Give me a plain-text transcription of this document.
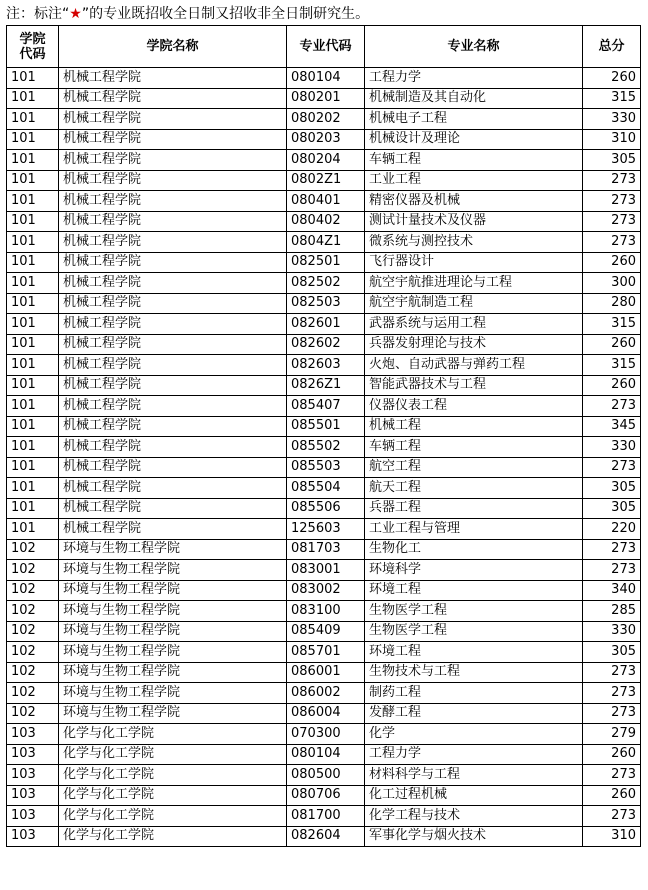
注：标注“★”的专业既招收全日制又招收非全日制研究生。
学院
代码	学院名称	专业代码	专业名称	总分
101	机械工程学院	080104	工程力学	260
101	机械工程学院	080201	机械制造及其自动化	315
101	机械工程学院	080202	机械电子工程	330
101	机械工程学院	080203	机械设计及理论	310
101	机械工程学院	080204	车辆工程	305
101	机械工程学院	0802Z1	工业工程	273
101	机械工程学院	080401	精密仪器及机械	273
101	机械工程学院	080402	测试计量技术及仪器	273
101	机械工程学院	0804Z1	微系统与测控技术	273
101	机械工程学院	082501	飞行器设计	260
101	机械工程学院	082502	航空宇航推进理论与工程	300
101	机械工程学院	082503	航空宇航制造工程	280
101	机械工程学院	082601	武器系统与运用工程	315
101	机械工程学院	082602	兵器发射理论与技术	260
101	机械工程学院	082603	火炮、自动武器与弹药工程	315
101	机械工程学院	0826Z1	智能武器技术与工程	260
101	机械工程学院	085407	仪器仪表工程	273
101	机械工程学院	085501	机械工程	345
101	机械工程学院	085502	车辆工程	330
101	机械工程学院	085503	航空工程	273
101	机械工程学院	085504	航天工程	305
101	机械工程学院	085506	兵器工程	305
101	机械工程学院	125603	工业工程与管理	220
102	环境与生物工程学院	081703	生物化工	273
102	环境与生物工程学院	083001	环境科学	273
102	环境与生物工程学院	083002	环境工程	340
102	环境与生物工程学院	083100	生物医学工程	285
102	环境与生物工程学院	085409	生物医学工程	330
102	环境与生物工程学院	085701	环境工程	305
102	环境与生物工程学院	086001	生物技术与工程	273
102	环境与生物工程学院	086002	制药工程	273
102	环境与生物工程学院	086004	发酵工程	273
103	化学与化工学院	070300	化学	279
103	化学与化工学院	080104	工程力学	260
103	化学与化工学院	080500	材料科学与工程	273
103	化学与化工学院	080706	化工过程机械	260
103	化学与化工学院	081700	化学工程与技术	273
103	化学与化工学院	082604	军事化学与烟火技术	310
